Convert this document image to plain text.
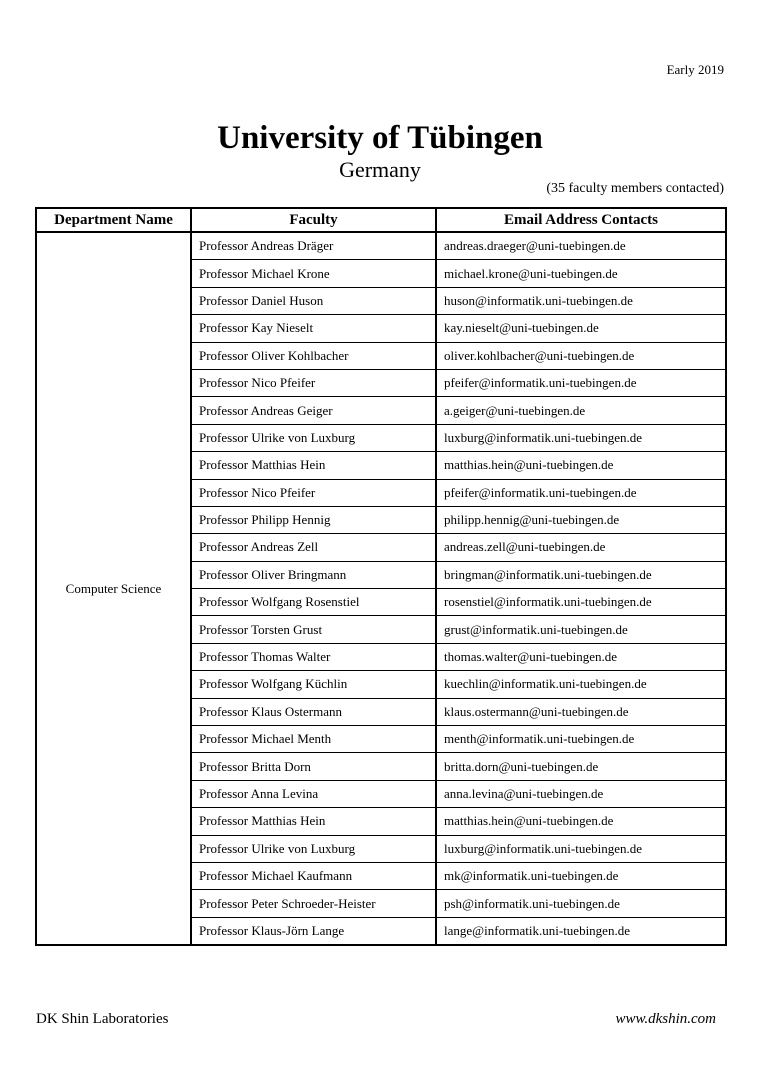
Early 2019
University of Tübingen
Germany
(35 faculty members contacted)
Department Name	Faculty	Email Address Contacts
Computer Science	Professor Andreas Dräger	andreas.draeger@uni-tuebingen.de
	Professor Michael Krone	michael.krone@uni-tuebingen.de
	Professor Daniel Huson	huson@informatik.uni-tuebingen.de
	Professor Kay Nieselt	kay.nieselt@uni-tuebingen.de
	Professor Oliver Kohlbacher	oliver.kohlbacher@uni-tuebingen.de
	Professor Nico Pfeifer	pfeifer@informatik.uni-tuebingen.de
	Professor Andreas Geiger	a.geiger@uni-tuebingen.de
	Professor Ulrike von Luxburg	luxburg@informatik.uni-tuebingen.de
	Professor Matthias Hein	matthias.hein@uni-tuebingen.de
	Professor Nico Pfeifer	pfeifer@informatik.uni-tuebingen.de
	Professor Philipp Hennig	philipp.hennig@uni-tuebingen.de
	Professor Andreas Zell	andreas.zell@uni-tuebingen.de
	Professor Oliver Bringmann	bringman@informatik.uni-tuebingen.de
	Professor Wolfgang Rosenstiel	rosenstiel@informatik.uni-tuebingen.de
	Professor Torsten Grust	grust@informatik.uni-tuebingen.de
	Professor Thomas Walter	thomas.walter@uni-tuebingen.de
	Professor Wolfgang Küchlin	kuechlin@informatik.uni-tuebingen.de
	Professor Klaus Ostermann	klaus.ostermann@uni-tuebingen.de
	Professor Michael Menth	menth@informatik.uni-tuebingen.de
	Professor Britta Dorn	britta.dorn@uni-tuebingen.de
	Professor Anna Levina	anna.levina@uni-tuebingen.de
	Professor Matthias Hein	matthias.hein@uni-tuebingen.de
	Professor Ulrike von Luxburg	luxburg@informatik.uni-tuebingen.de
	Professor Michael Kaufmann	mk@informatik.uni-tuebingen.de
	Professor Peter Schroeder-Heister	psh@informatik.uni-tuebingen.de
	Professor Klaus-Jörn Lange	lange@informatik.uni-tuebingen.de
DK Shin Laboratories	www.dkshin.com
